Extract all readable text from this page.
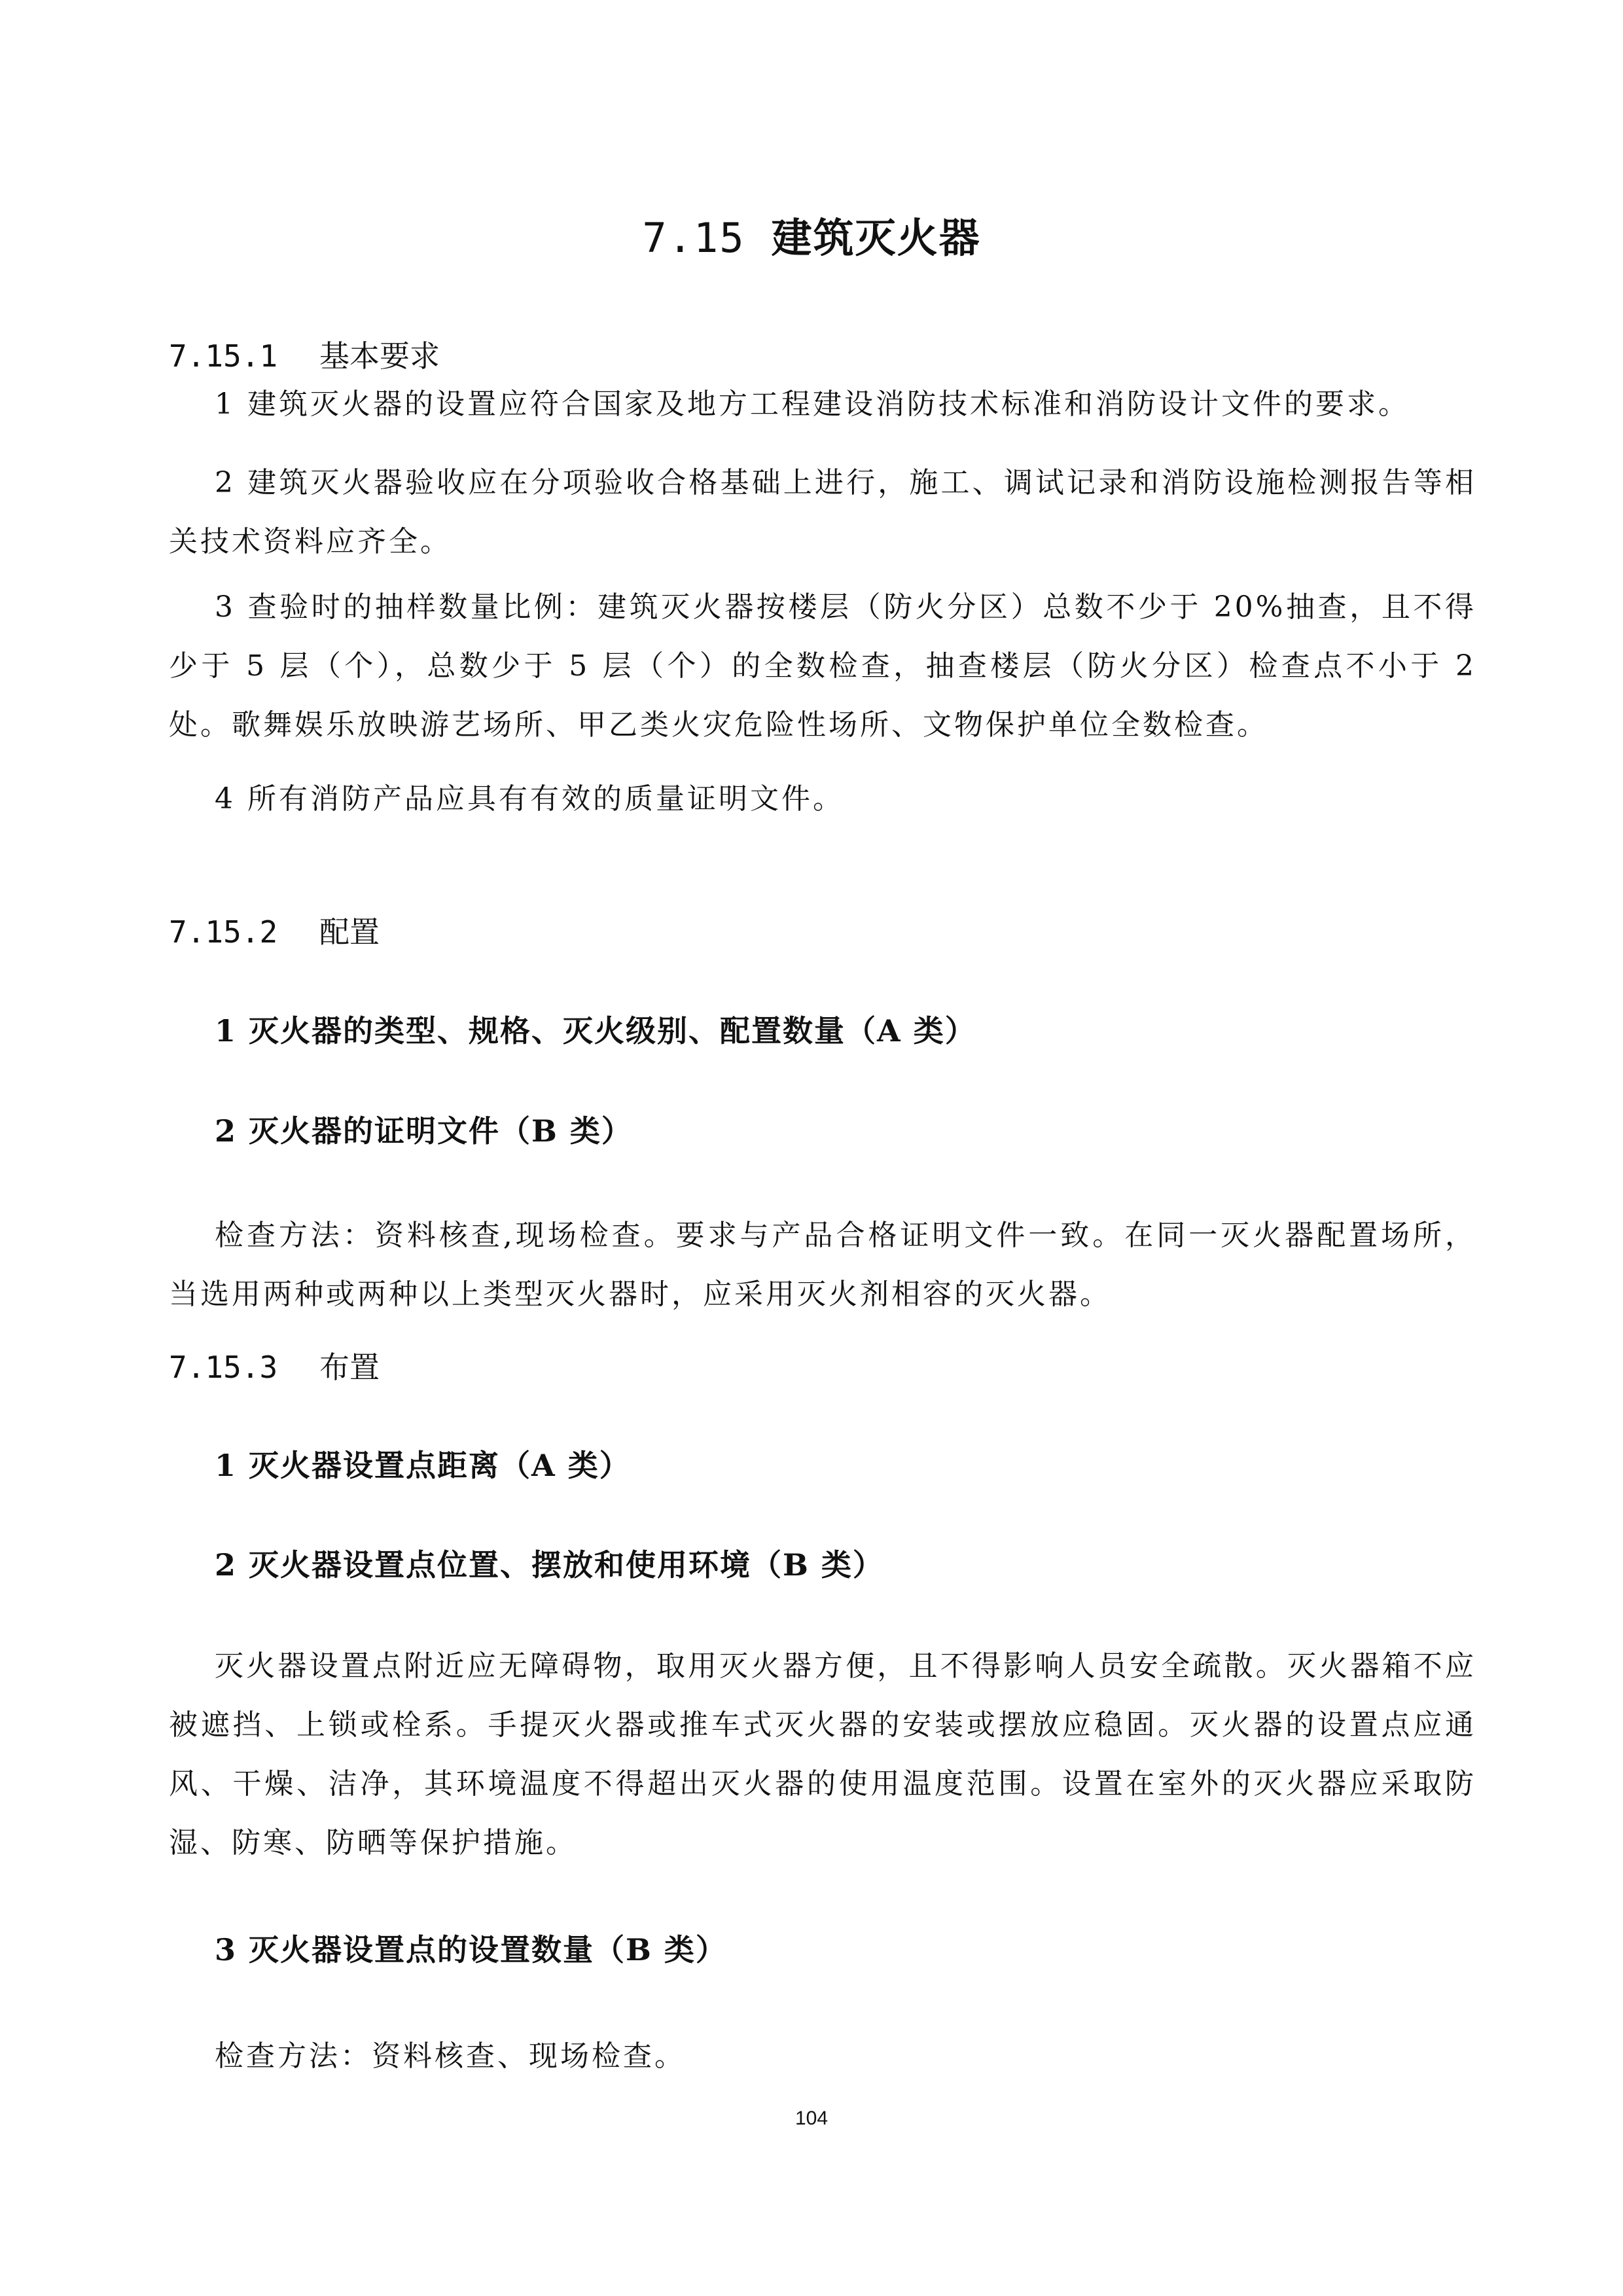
7.15 建筑灭火器
7.15.1 基本要求

1 建筑灭火器的设置应符合国家及地方工程建设消防技术标准和消防设计文件的要求。

2 建筑灭火器验收应在分项验收合格基础上进行，施工、调试记录和消防设施检测报告等相关技术资料应齐全。

3 查验时的抽样数量比例：建筑灭火器按楼层（防火分区）总数不少于 20%抽查，且不得少于 5 层（个），总数少于 5 层（个）的全数检查，抽查楼层（防火分区）检查点不小于 2 处。歌舞娱乐放映游艺场所、甲乙类火灾危险性场所、文物保护单位全数检查。

4 所有消防产品应具有有效的质量证明文件。

7.15.2 配置
1 灭火器的类型、规格、灭火级别、配置数量（A 类）
2 灭火器的证明文件（B 类）

检查方法：资料核查,现场检查。要求与产品合格证明文件一致。在同一灭火器配置场所，当选用两种或两种以上类型灭火器时，应采用灭火剂相容的灭火器。

7.15.3 布置
1 灭火器设置点距离（A 类）
2 灭火器设置点位置、摆放和使用环境（B 类）

灭火器设置点附近应无障碍物，取用灭火器方便，且不得影响人员安全疏散。灭火器箱不应被遮挡、上锁或栓系。手提灭火器或推车式灭火器的安装或摆放应稳固。灭火器的设置点应通风、干燥、洁净，其环境温度不得超出灭火器的使用温度范围。设置在室外的灭火器应采取防湿、防寒、防晒等保护措施。

3 灭火器设置点的设置数量（B 类）

检查方法：资料核查、现场检查。

104
